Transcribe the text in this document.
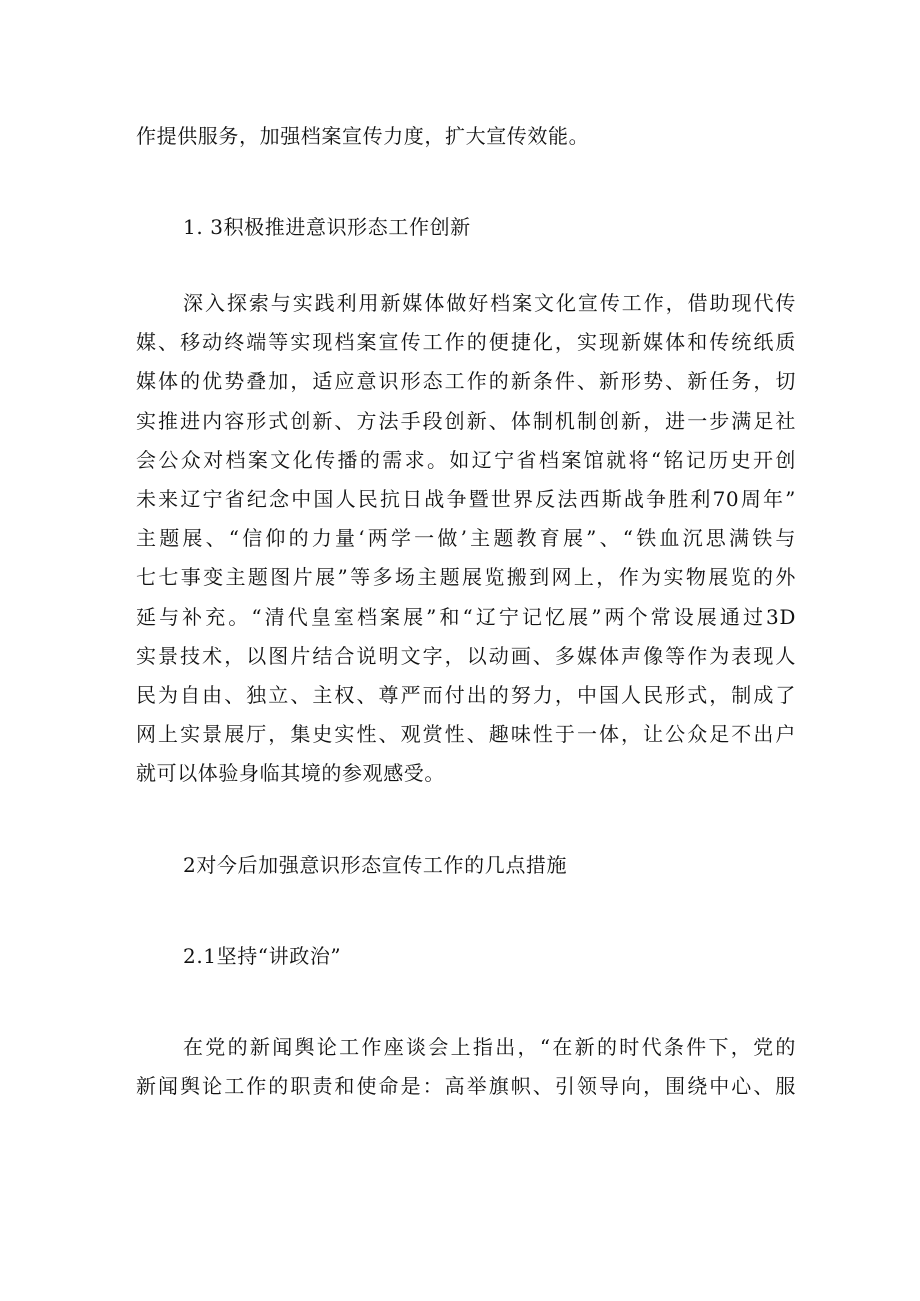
作提供服务，加强档案宣传力度，扩大宣传效能。
1. 3积极推进意识形态工作创新
深入探索与实践利用新媒体做好档案文化宣传工作，借助现代传
媒、移动终端等实现档案宣传工作的便捷化，实现新媒体和传统纸质
媒体的优势叠加，适应意识形态工作的新条件、新形势、新任务，切
实推进内容形式创新、方法手段创新、体制机制创新，进一步满足社
会公众对档案文化传播的需求。如辽宁省档案馆就将“铭记历史开创
未来辽宁省纪念中国人民抗日战争暨世界反法西斯战争胜利70周年”
主题展、“信仰的力量‘两学一做’主题教育展”、“铁血沉思满铁与
七七事变主题图片展”等多场主题展览搬到网上，作为实物展览的外
延与补充。“清代皇室档案展”和“辽宁记忆展”两个常设展通过3D
实景技术，以图片结合说明文字，以动画、多媒体声像等作为表现人
民为自由、独立、主权、尊严而付出的努力，中国人民形式，制成了
网上实景展厅，集史实性、观赏性、趣味性于一体，让公众足不出户
就可以体验身临其境的参观感受。
2对今后加强意识形态宣传工作的几点措施
2.1坚持“讲政治”
在党的新闻舆论工作座谈会上指出，“在新的时代条件下，党的
新闻舆论工作的职责和使命是：高举旗帜、引领导向，围绕中心、服
